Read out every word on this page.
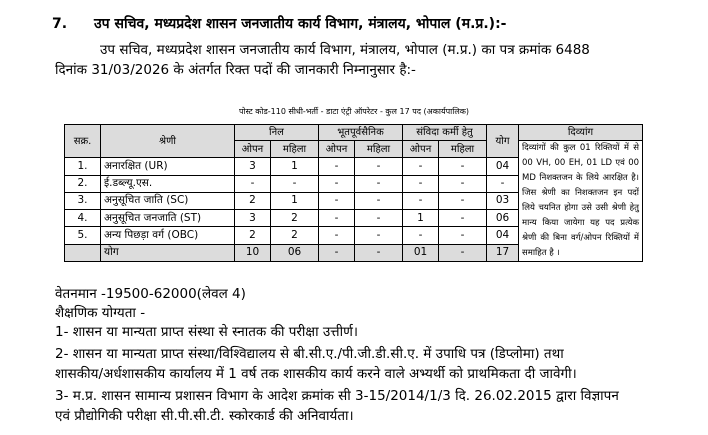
7. उप सचिव, मध्यप्रदेश शासन जनजातीय कार्य विभाग, मंत्रालय, भोपाल (म.प्र.):-
उप सचिव, मध्यप्रदेश शासन जनजातीय कार्य विभाग, मंत्रालय, भोपाल (म.प्र.) का पत्र क्रमांक 6488
दिनांक 31/03/2026 के अंतर्गत रिक्त पदों की जानकारी निम्नानुसार है:-
पोस्ट कोड-110 सीधी-भर्ती - डाटा एंट्री ऑपरेटर - कुल 17 पद (अकार्यपालिक)
सक्र.	श्रेणी	निल		भूतपूर्वसैनिक		संविदा कर्मी हेतु		योग	दिव्यांग
		ओपन	महिला	ओपन	महिला	ओपन	महिला		दिव्यांगों की कुल 01 रिक्तियों में से 00 VH, 00 EH, 01 LD एवं 00 MD निशक्तजन के लिये आरक्षित है। जिस श्रेणी का निशक्तजन इन पदों लिये चयनित होगा उसे उसी श्रेणी हेतु मान्य किया जायेगा यह पद प्रत्येक श्रेणी की बिना वर्ग/ओपन रिक्तियों में समाहित है ।
1.	अनारक्षित (UR)	3	1	-	-	-	-	04	
2.	ई.डब्ल्यू.एस.	-	-	-	-	-	-	-	
3.	अनुसूचित जाति (SC)	2	1	-	-	-	-	03	
4.	अनुसूचित जनजाति (ST)	3	2	-	-	1	-	06	
5.	अन्य पिछड़ा वर्ग (OBC)	2	2	-	-	-	-	04	
	योग	10	06	-	-	01	-	17	
वेतनमान -19500-62000(लेवल 4)
शैक्षणिक योग्यता -
1- शासन या मान्यता प्राप्त संस्था से स्नातक की परीक्षा उत्तीर्ण।
2- शासन या मान्यता प्राप्त संस्था/विश्विद्यालय से बी.सी.ए./पी.जी.डी.सी.ए. में उपाधि पत्र (डिप्लोमा) तथा
शासकीय/अर्धशासकीय कार्यालय में 1 वर्ष तक शासकीय कार्य करने वाले अभ्यर्थी को प्राथमिकता दी जावेगी।
3- म.प्र. शासन सामान्य प्रशासन विभाग के आदेश क्रमांक सी 3-15/2014/1/3 दि. 26.02.2015 द्वारा विज्ञापन
एवं प्रौद्योगिकी परीक्षा सी.पी.सी.टी. स्कोरकार्ड की अनिवार्यता।
